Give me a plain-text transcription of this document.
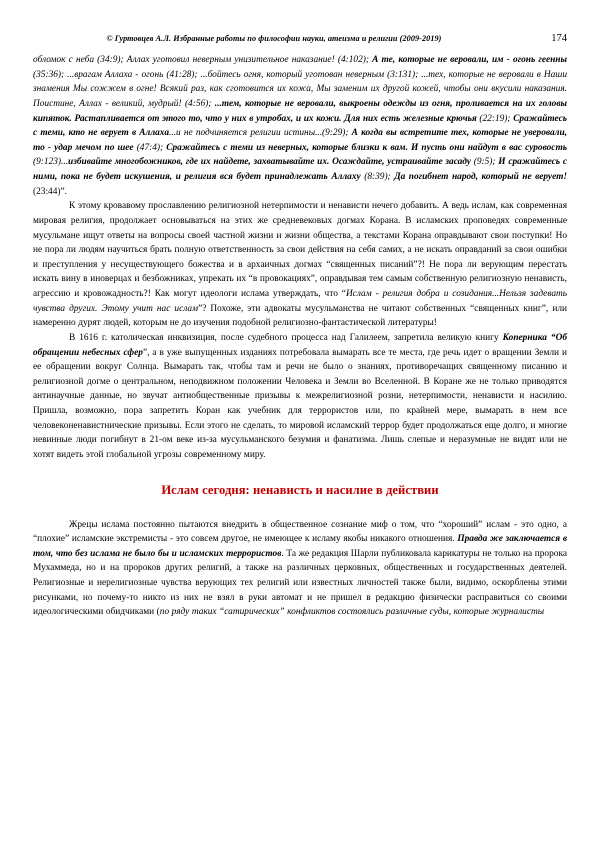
© Гуртовцев А.Л. Избранные работы по философии науки, атеизма и религии (2009-2019)	174

обломок с неба (34:9); Аллах уготовил неверным унизительное наказание! (4:102); А те, которые не веровали, им - огонь геенны (35:36); ...врагам Аллаха - огонь (41:28); ...бойтесь огня, который уготован неверным (3:131); ...тех, которые не веровали в Наши знамения Мы сожжем в огне! Всякий раз, как сготовится их кожа, Мы заменим их другой кожей, чтобы они вкусили наказания. Поистине, Аллах - великий, мудрый! (4:56); ...тем, которые не веровали, выкроены одежды из огня, проливается на их головы кипяток. Растапливается от этого то, что у них в утробах, и их кожи. Для них есть железные крючья (22:19); Сражайтесь с теми, кто не верует в Аллаха...и не подчиняется религии истины...(9:29); А когда вы встретите тех, которые не уверовали, то - удар мечом по шее (47:4); Сражайтесь с теми из неверных, которые близки к вам. И пусть они найдут в вас суровость (9:123)...избивайте многобожников, где их найдете, захватывайте их. Осаждайте, устраивайте засаду (9:5); И сражайтесь с ними, пока не будет искушения, и религия вся будет принадлежать Аллаху (8:39); Да погибнет народ, который не верует! (23:44)”.

К этому кровавому прославлению религиозной нетерпимости и ненависти нечего добавить. А ведь ислам, как современная мировая религия, продолжает основываться на этих же средневековых догмах Корана. В исламских проповедях современные мусульмане ищут ответы на вопросы своей частной жизни и жизни общества, а текстами Корана оправдывают свои поступки! Но не пора ли людям научиться брать полную ответственность за свои действия на себя самих, а не искать оправданий за свои ошибки и преступления у несуществующего божества и в архаичных догмах “священных писаний”?! Не пора ли верующим перестать искать вину в иноверцах и безбожниках, упрекать их “в провокациях”, оправдывая тем самым собственную религиозную ненависть, агрессию и кровожадность?! Как могут идеологи ислама утверждать, что “Ислам - религия добра и созидания...Нельзя задевать чувства других. Этому учит нас ислам”? Похоже, эти адвокаты мусульманства не читают собственных “священных книг”, или намеренно дурят людей, которым не до изучения подобной религиозно-фантастической литературы!

В 1616 г. католическая инквизиция, после судебного процесса над Галилеем, запретила великую книгу Коперника “Об обращении небесных сфер”, а в уже выпущенных изданиях потребовала вымарать все те места, где речь идет о вращении Земли и ее обращении вокруг Солнца. Вымарать так, чтобы там и речи не было о знаниях, противоречащих священному писанию и религиозной догме о центральном, неподвижном положении Человека и Земли во Вселенной. В Коране же не только приводятся антинаучные данные, но звучат антиобщественные призывы к межрелигиозной розни, нетерпимости, ненависти и насилию. Пришла, возможно, пора запретить Коран как учебник для террористов или, по крайней мере, вымарать в нем все человеконенавистнические призывы. Если этого не сделать, то мировой исламский террор будет продолжаться еще долго, и многие невинные люди погибнут в 21-ом веке из-за мусульманского безумия и фанатизма. Лишь слепые и неразумные не видят или не хотят видеть этой глобальной угрозы современному миру.

Ислам сегодня: ненависть и насилие в действии

Жрецы ислама постоянно пытаются внедрить в общественное сознание миф о том, что “хороший” ислам - это одно, а “плохие” исламские экстремисты - это совсем другое, не имеющее к исламу якобы никакого отношения. Правда же заключается в том, что без ислама не было бы и исламских террористов. Та же редакция Шарли публиковала карикатуры не только на пророка Мухаммеда, но и на пророков других религий, а также на различных церковных, общественных и государственных деятелей. Религиозные и нерелигиозные чувства верующих тех религий или известных личностей также были, видимо, оскорблены этими рисунками, но почему-то никто из них не взял в руки автомат и не пришел в редакцию физически расправиться со своими идеологическими обидчиками (по ряду таких “сатирических” конфликтов состоялись различные суды, которые журналисты
